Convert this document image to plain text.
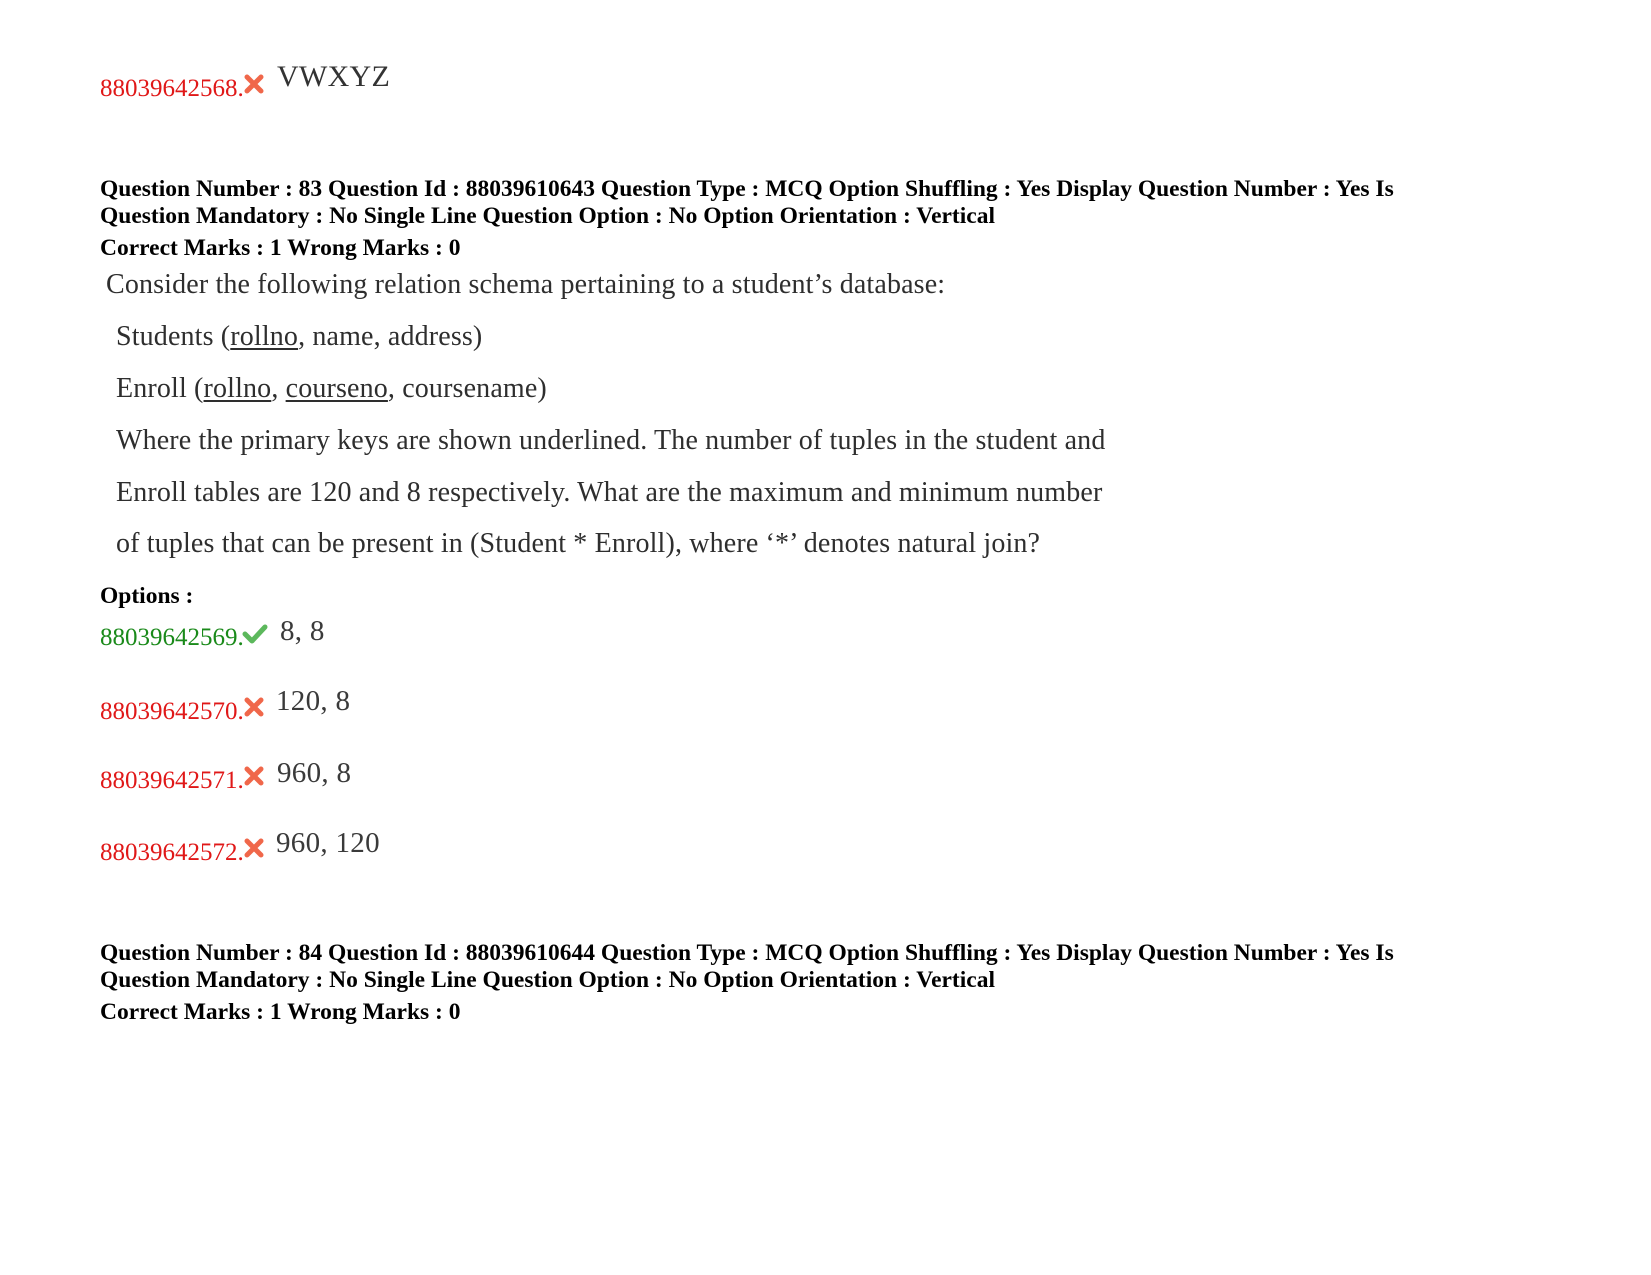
88039642568. VWXYZ
Question Number : 83 Question Id : 88039610643 Question Type : MCQ Option Shuffling : Yes Display Question Number : Yes Is
Question Mandatory : No Single Line Question Option : No Option Orientation : Vertical
Correct Marks : 1 Wrong Marks : 0
Consider the following relation schema pertaining to a student’s database:
Students (rollno, name, address)
Enroll (rollno, courseno, coursename)
Where the primary keys are shown underlined. The number of tuples in the student and
Enroll tables are 120 and 8 respectively. What are the maximum and minimum number
of tuples that can be present in (Student * Enroll), where ‘*’ denotes natural join?
Options :
88039642569. 8, 8
88039642570. 120, 8
88039642571. 960, 8
88039642572. 960, 120
Question Number : 84 Question Id : 88039610644 Question Type : MCQ Option Shuffling : Yes Display Question Number : Yes Is
Question Mandatory : No Single Line Question Option : No Option Orientation : Vertical
Correct Marks : 1 Wrong Marks : 0
